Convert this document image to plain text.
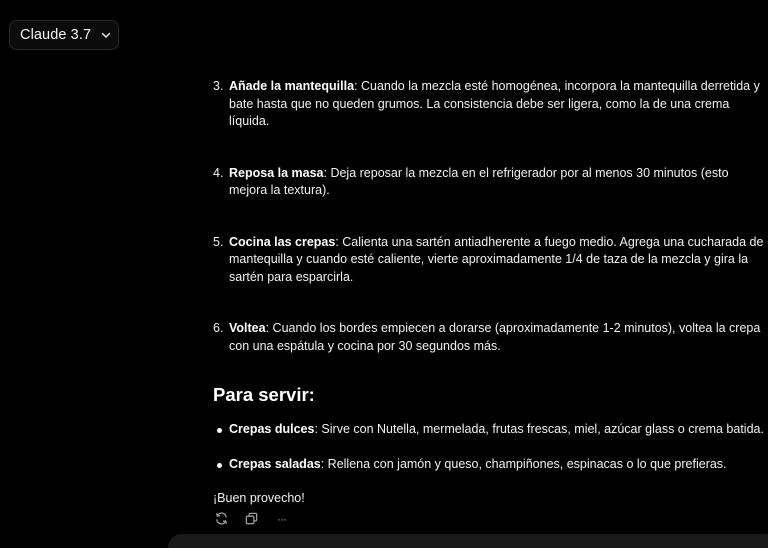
Claude 3.7
3. Añade la mantequilla: Cuando la mezcla esté homogénea, incorpora la mantequilla derretida y bate hasta que no queden grumos. La consistencia debe ser ligera, como la de una crema líquida.
4. Reposa la masa: Deja reposar la mezcla en el refrigerador por al menos 30 minutos (esto mejora la textura).
5. Cocina las crepas: Calienta una sartén antiadherente a fuego medio. Agrega una cucharada de mantequilla y cuando esté caliente, vierte aproximadamente 1/4 de taza de la mezcla y gira la sartén para esparcirla.
6. Voltea: Cuando los bordes empiecen a dorarse (aproximadamente 1-2 minutos), voltea la crepa con una espátula y cocina por 30 segundos más.
Para servir:
Crepas dulces: Sirve con Nutella, mermelada, frutas frescas, miel, azúcar glass o crema batida.
Crepas saladas: Rellena con jamón y queso, champiñones, espinacas o lo que prefieras.
¡Buen provecho!
···
